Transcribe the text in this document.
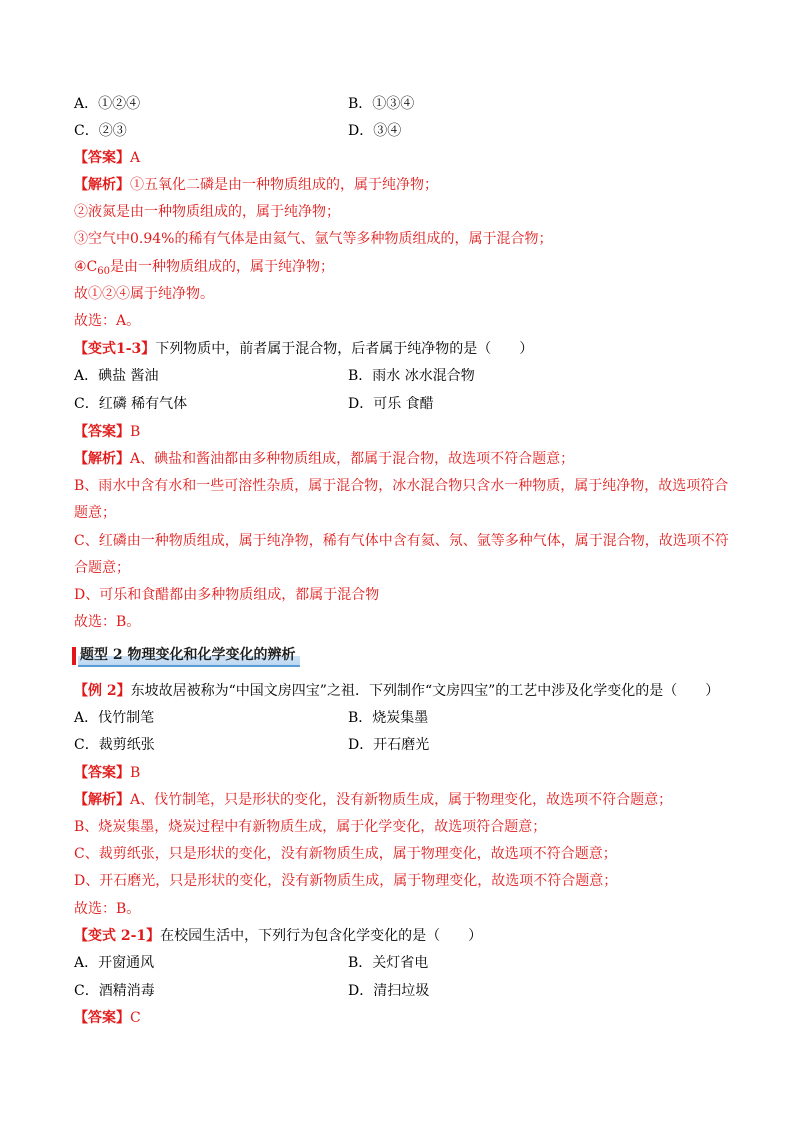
A．①②④	B．①③④
C．②③	D．③④
【答案】A
【解析】①五氧化二磷是由一种物质组成的，属于纯净物；
②液氮是由一种物质组成的，属于纯净物；
③空气中0.94%的稀有气体是由氦气、氩气等多种物质组成的，属于混合物；
$④C_{60}$是由一种物质组成的，属于纯净物；
故①②④属于纯净物。
故选：A。
【变式1-3】下列物质中，前者属于混合物，后者属于纯净物的是（　　）
A．碘盐 酱油	B．雨水 冰水混合物
C．红磷 稀有气体	D．可乐 食醋
【答案】B
【解析】A、碘盐和酱油都由多种物质组成，都属于混合物，故选项不符合题意；
B、雨水中含有水和一些可溶性杂质，属于混合物，冰水混合物只含水一种物质，属于纯净物，故选项符合
题意；
C、红磷由一种物质组成，属于纯净物，稀有气体中含有氦、氖、氩等多种气体，属于混合物，故选项不符
合题意；
D、可乐和食醋都由多种物质组成，都属于混合物
故选：B。
题型 2 物理变化和化学变化的辨析
【例 2】东坡故居被称为“中国文房四宝”之祖．下列制作“文房四宝”的工艺中涉及化学变化的是（　　）
A．伐竹制笔	B．烧炭集墨
C．裁剪纸张	D．开石磨光
【答案】B
【解析】A、伐竹制笔，只是形状的变化，没有新物质生成，属于物理变化，故选项不符合题意；
B、烧炭集墨，烧炭过程中有新物质生成，属于化学变化，故选项符合题意；
C、裁剪纸张，只是形状的变化，没有新物质生成，属于物理变化，故选项不符合题意；
D、开石磨光，只是形状的变化，没有新物质生成，属于物理变化，故选项不符合题意；
故选：B。
【变式 2-1】在校园生活中，下列行为包含化学变化的是（　　）
A．开窗通风	B．关灯省电
C．酒精消毒	D．清扫垃圾
【答案】C
